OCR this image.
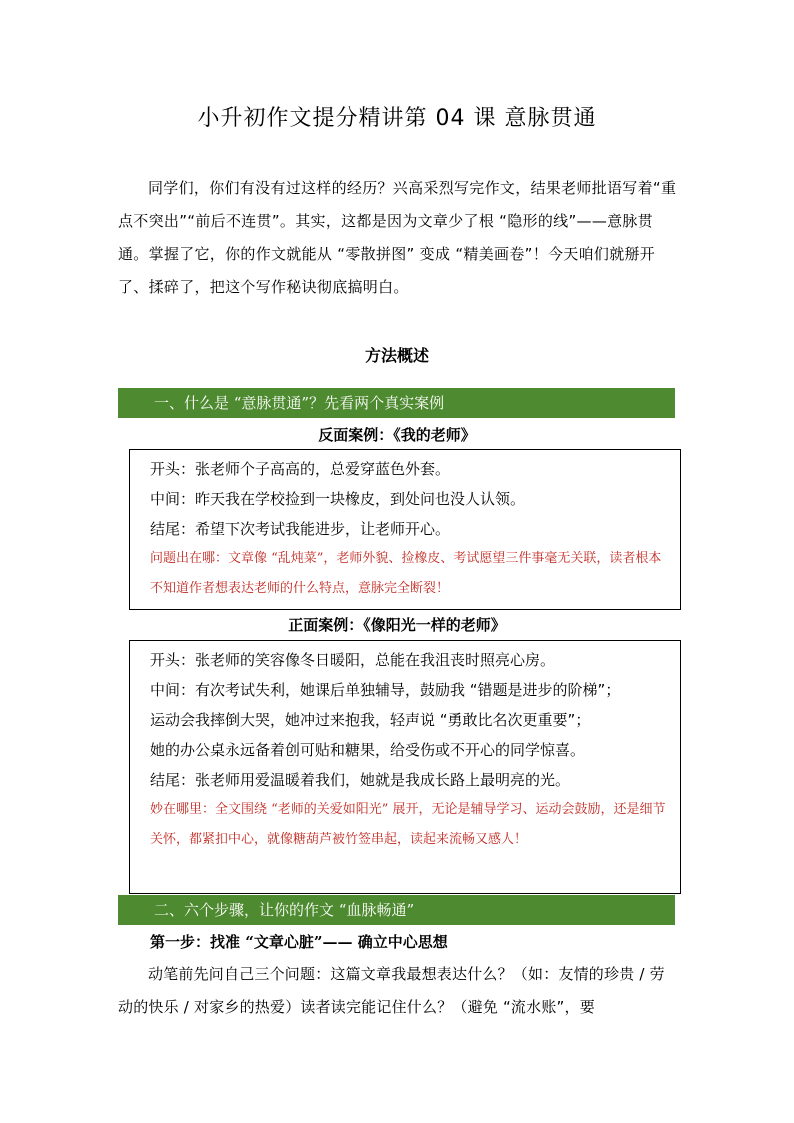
小升初作文提分精讲第 04 课 意脉贯通

同学们，你们有没有过这样的经历？兴高采烈写完作文，结果老师批语写着“重点不突出”“前后不连贯”。其实，这都是因为文章少了根 “隐形的线”——意脉贯通。掌握了它，你的作文就能从 “零散拼图” 变成 “精美画卷”！今天咱们就掰开了、揉碎了，把这个写作秘诀彻底搞明白。

方法概述
一、什么是 “意脉贯通”？先看两个真实案例
反面案例：《我的老师》

开头：张老师个子高高的，总爱穿蓝色外套。

中间：昨天我在学校捡到一块橡皮，到处问也没人认领。

结尾：希望下次考试我能进步，让老师开心。

问题出在哪：文章像 “乱炖菜”，老师外貌、捡橡皮、考试愿望三件事毫无关联，读者根本不知道作者想表达老师的什么特点，意脉完全断裂！

正面案例：《像阳光一样的老师》

开头：张老师的笑容像冬日暖阳，总能在我沮丧时照亮心房。

中间：有次考试失利，她课后单独辅导，鼓励我 “错题是进步的阶梯”；

运动会我摔倒大哭，她冲过来抱我，轻声说 “勇敢比名次更重要”；

她的办公桌永远备着创可贴和糖果，给受伤或不开心的同学惊喜。

结尾：张老师用爱温暖着我们，她就是我成长路上最明亮的光。

妙在哪里：全文围绕 “老师的关爱如阳光” 展开，无论是辅导学习、运动会鼓励，还是细节关怀，都紧扣中心，就像糖葫芦被竹签串起，读起来流畅又感人！

二、六个步骤，让你的作文 “血脉畅通”
第一步：找准 “文章心脏”—— 确立中心思想

动笔前先问自己三个问题：这篇文章我最想表达什么？（如：友情的珍贵 / 劳动的快乐 / 对家乡的热爱）读者读完能记住什么？（避免 “流水账”，要
